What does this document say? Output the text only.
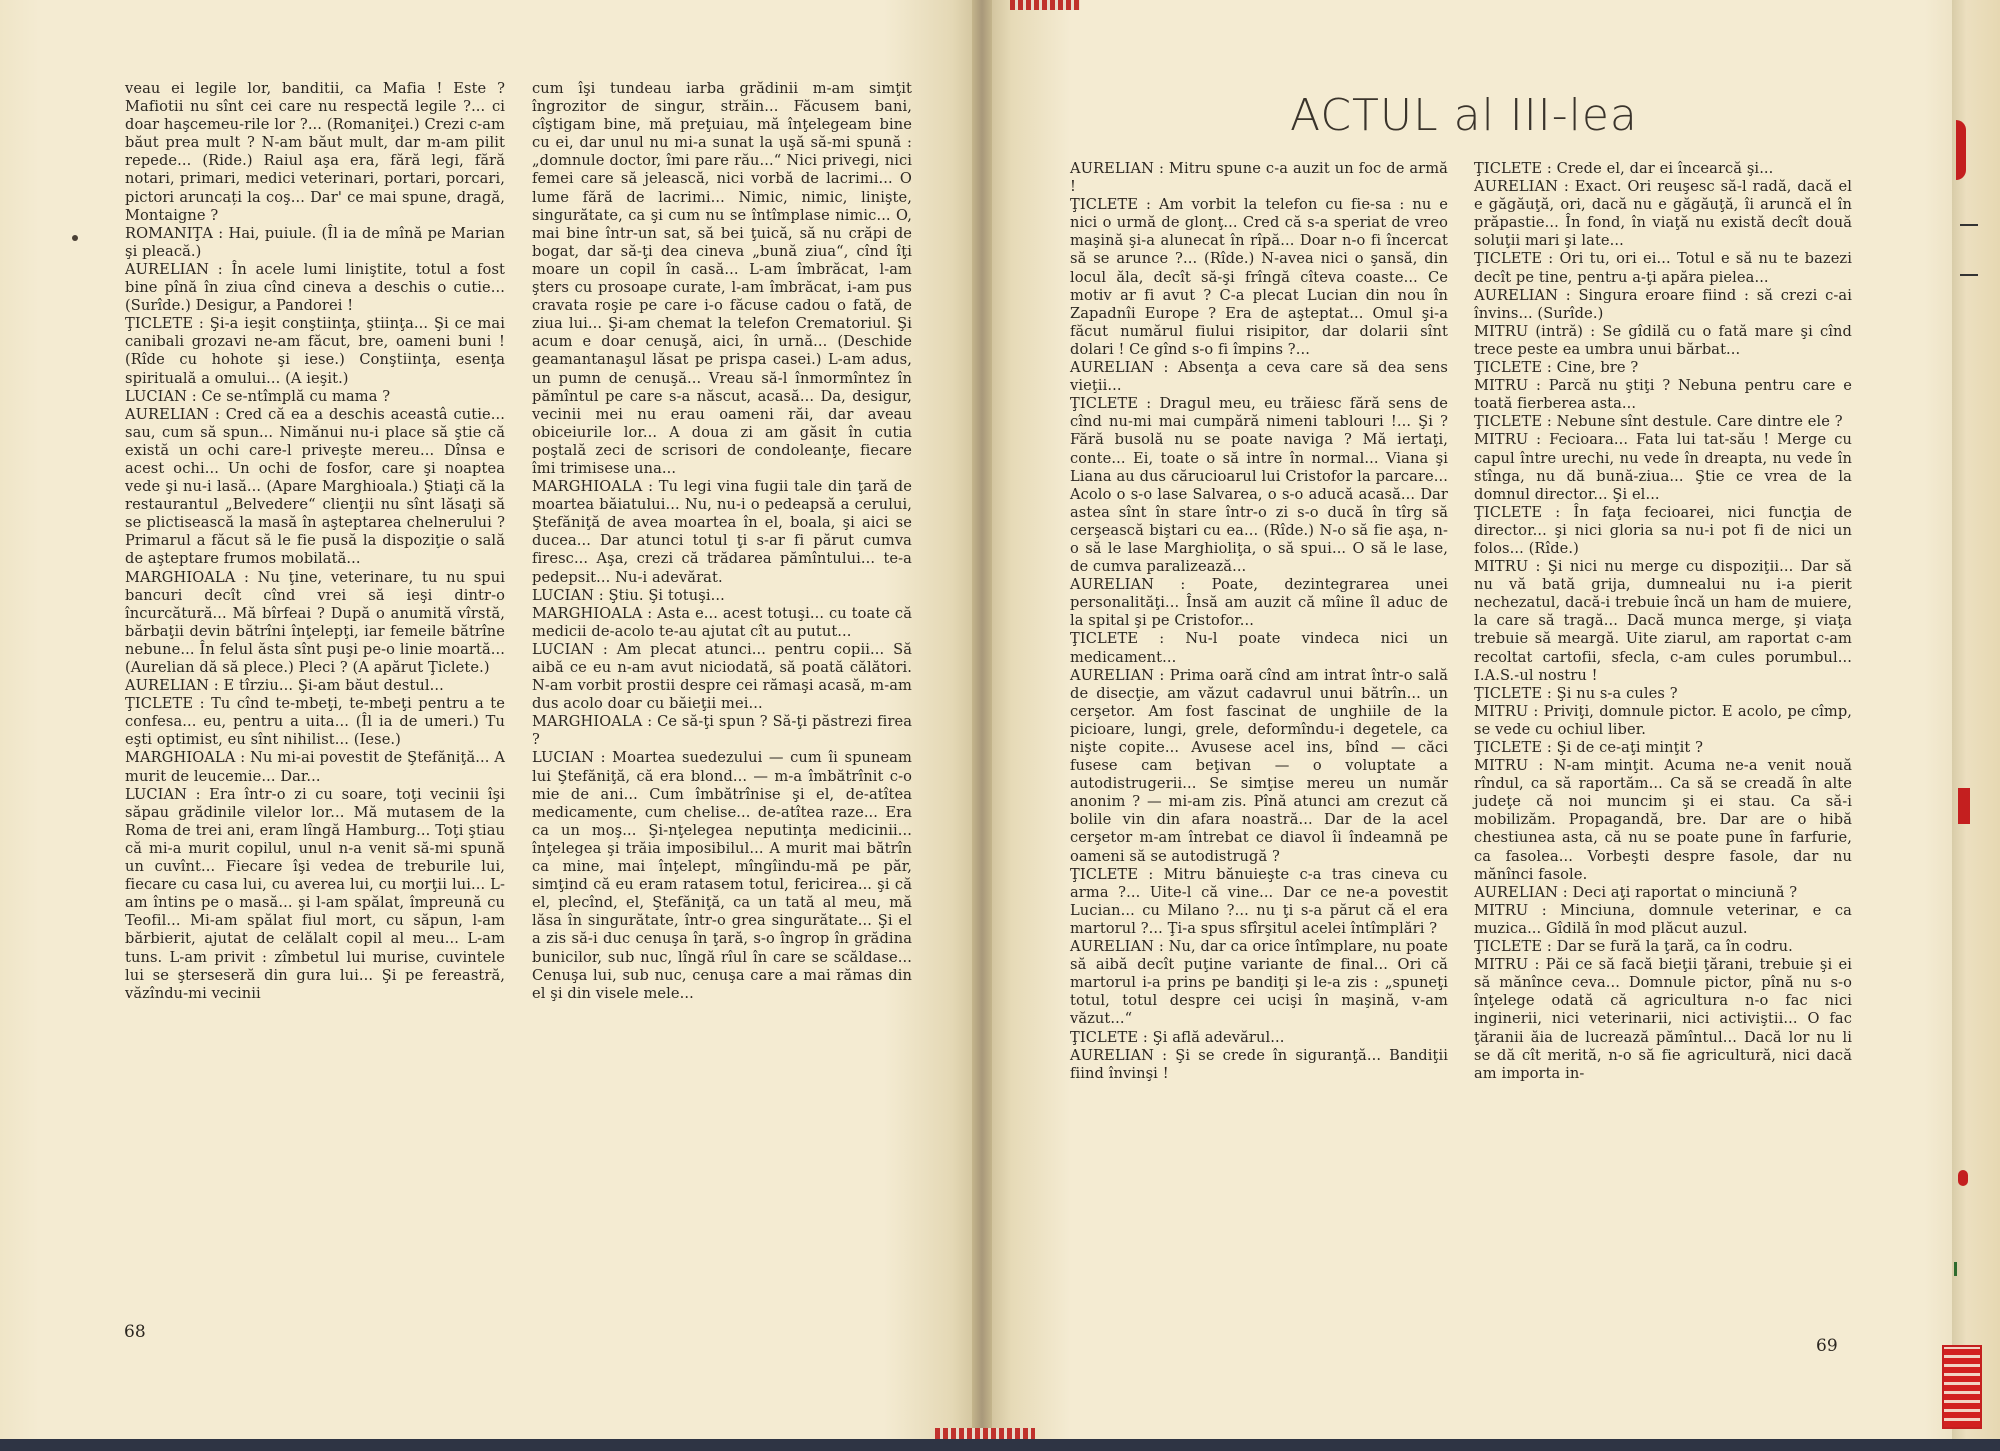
veau ei legile lor, banditii, ca Mafia ! Este ? Mafiotii nu sînt cei care nu respectă legile ?... ci doar haşcemeu-rile lor ?... (Romaniţei.) Crezi c-am băut prea mult ? N-am băut mult, dar m-am pilit repede... (Ride.) Raiul aşa era, fără legi, fără notari, primari, medici veterinari, portari, porcari, pictori aruncați la coş... Dar' ce mai spune, dragă, Montaigne ?

ROMANIŢA : Hai, puiule. (Îl ia de mînă pe Marian şi pleacă.)

AURELIAN : În acele lumi liniştite, totul a fost bine pînă în ziua cînd cineva a deschis o cutie... (Surîde.) Desigur, a Pandorei !

ŢICLETE : Şi-a ieşit conştiinţa, ştiinţa... Şi ce mai canibali grozavi ne-am făcut, bre, oameni buni ! (Rîde cu hohote şi iese.) Conştiinţa, esenţa spirituală a omului... (A ieşit.)

LUCIAN : Ce se-ntîmplă cu mama ?

AURELIAN : Cred că ea a deschis aceastâ cutie... sau, cum să spun... Nimănui nu-i place să ştie că există un ochi care-l priveşte mereu... Dînsa e acest ochi... Un ochi de fosfor, care şi noaptea vede şi nu-i lasă... (Apare Marghioala.) Ştiaţi că la restaurantul „Belvedere“ clienţii nu sînt lăsaţi să se plictisească la masă în aşteptarea chelnerului ? Primarul a făcut să le fie pusă la dispoziţie o sală de aşteptare frumos mobilată...

MARGHIOALA : Nu ţine, veterinare, tu nu spui bancuri decît cînd vrei să ieşi dintr-o încurcătură... Mă bîrfeai ? După o anumită vîrstă, bărbaţii devin bătrîni înţelepţi, iar femeile bătrîne nebune... În felul ăsta sînt puşi pe-o linie moartă... (Aurelian dă să plece.) Pleci ? (A apărut Ţiclete.)

AURELIAN : E tîrziu... Şi-am băut destul...

ŢICLETE : Tu cînd te-mbeţi, te-mbeţi pentru a te confesa... eu, pentru a uita... (Îl ia de umeri.) Tu eşti optimist, eu sînt nihilist... (Iese.)

MARGHIOALA : Nu mi-ai povestit de Ştefăniţă... A murit de leucemie... Dar...

LUCIAN : Era într-o zi cu soare, toţi vecinii îşi săpau grădinile vilelor lor... Mă mutasem de la Roma de trei ani, eram lîngă Hamburg... Toţi ştiau că mi-a murit copilul, unul n-a venit să-mi spună un cuvînt... Fiecare îşi vedea de treburile lui, fiecare cu casa lui, cu averea lui, cu morţii lui... L-am întins pe o masă... şi l-am spălat, împreună cu Teofil... Mi-am spălat fiul mort, cu săpun, l-am bărbierit, ajutat de celălalt copil al meu... L-am tuns. L-am privit : zîmbetul lui murise, cuvintele lui se şterseseră din gura lui... Şi pe fereastră, văzîndu-mi vecinii

cum îşi tundeau iarba grădinii m-am simţit îngrozitor de singur, străin... Făcusem bani, cîştigam bine, mă preţuiau, mă înţelegeam bine cu ei, dar unul nu mi-a sunat la uşă să-mi spună : „domnule doctor, îmi pare rău...“ Nici privegi, nici femei care să jelească, nici vorbă de lacrimi... O lume fără de lacrimi... Nimic, nimic, linişte, singurătate, ca şi cum nu se întîmplase nimic... O, mai bine într-un sat, să bei ţuică, să nu crăpi de bogat, dar să-ţi dea cineva „bună ziua“, cînd îţi moare un copil în casă... L-am îmbrăcat, l-am şters cu prosoape curate, l-am îmbrăcat, i-am pus cravata roşie pe care i-o făcuse cadou o fată, de ziua lui... Şi-am chemat la telefon Crematoriul. Şi acum e doar cenuşă, aici, în urnă... (Deschide geamantanaşul lăsat pe prispa casei.) L-am adus, un pumn de cenuşă... Vreau să-l înmormîntez în pămîntul pe care s-a născut, acasă... Da, desigur, vecinii mei nu erau oameni răi, dar aveau obiceiurile lor... A doua zi am găsit în cutia poştală zeci de scrisori de condoleanţe, fiecare îmi trimisese una...

MARGHIOALA : Tu legi vina fugii tale din ţară de moartea băiatului... Nu, nu-i o pedeapsă a cerului, Ştefăniţă de avea moartea în el, boala, şi aici se ducea... Dar atunci totul ţi s-ar fi părut cumva firesc... Aşa, crezi că trădarea pămîntului... te-a pedepsit... Nu-i adevărat.

LUCIAN : Ştiu. Şi totuşi...

MARGHIOALA : Asta e... acest totuşi... cu toate că medicii de-acolo te-au ajutat cît au putut...

LUCIAN : Am plecat atunci... pentru copii... Să aibă ce eu n-am avut niciodată, să poată călători. N-am vorbit prostii despre cei rămaşi acasă, m-am dus acolo doar cu băieţii mei...

MARGHIOALA : Ce să-ţi spun ? Să-ţi păstrezi firea ?

LUCIAN : Moartea suedezului — cum îi spuneam lui Ştefăniţă, că era blond... — m-a îmbătrînit c-o mie de ani... Cum îmbătrînise şi el, de-atîtea medicamente, cum chelise... de-atîtea raze... Era ca un moş... Şi-nţelegea neputinţa medicinii... înţelegea şi trăia imposibilul... A murit mai bătrîn ca mine, mai înţelept, mîngîindu-mă pe păr, simţind că eu eram ratasem totul, fericirea... şi că el, plecînd, el, Ştefăniţă, ca un tată al meu, mă lăsa în singurătate, într-o grea singurătate... Şi el a zis să-i duc cenuşa în ţară, s-o îngrop în grădina bunicilor, sub nuc, lîngă rîul în care se scăldase... Cenuşa lui, sub nuc, cenuşa care a mai rămas din el şi din visele mele...

68
ACTUL al III-lea

AURELIAN : Mitru spune c-a auzit un foc de armă !

ŢICLETE : Am vorbit la telefon cu fie-sa : nu e nici o urmă de glonţ... Cred că s-a speriat de vreo maşină şi-a alunecat în rîpă... Doar n-o fi încercat să se arunce ?... (Rîde.) N-avea nici o şansă, din locul ăla, decît să-şi frîngă cîteva coaste... Ce motiv ar fi avut ? C-a plecat Lucian din nou în Zapadnîi Europe ? Era de aşteptat... Omul şi-a făcut numărul fiului risipitor, dar dolarii sînt dolari ! Ce gînd s-o fi împins ?...

AURELIAN : Absenţa a ceva care să dea sens vieţii...

ŢICLETE : Dragul meu, eu trăiesc fără sens de cînd nu-mi mai cumpără nimeni tablouri !... Şi ? Fără busolă nu se poate naviga ? Mă iertaţi, conte... Ei, toate o să intre în normal... Viana şi Liana au dus cărucioarul lui Cristofor la parcare... Acolo o s-o lase Salvarea, o s-o aducă acasă... Dar astea sînt în stare într-o zi s-o ducă în tîrg să cerşească biştari cu ea... (Rîde.) N-o să fie aşa, n-o să le lase Marghioliţa, o să spui... O să le lase, de cumva paralizează...

AURELIAN : Poate, dezintegrarea unei personalităţi... Însă am auzit că mîine îl aduc de la spital şi pe Cristofor...

ŢICLETE : Nu-l poate vindeca nici un medicament...

AURELIAN : Prima oară cînd am intrat într-o sală de disecţie, am văzut cadavrul unui bătrîn... un cerşetor. Am fost fascinat de unghiile de la picioare, lungi, grele, deformîndu-i degetele, ca nişte copite... Avusese acel ins, bînd — căci fusese cam beţivan — o voluptate a autodistrugerii... Se simţise mereu un număr anonim ? — mi-am zis. Pînă atunci am crezut că bolile vin din afara noastră... Dar de la acel cerşetor m-am întrebat ce diavol îi îndeamnă pe oameni să se autodistrugă ?

ŢICLETE : Mitru bănuieşte c-a tras cineva cu arma ?... Uite-l că vine... Dar ce ne-a povestit Lucian... cu Milano ?... nu ţi s-a părut că el era martorul ?... Ţi-a spus sfîrşitul acelei întîmplări ?

AURELIAN : Nu, dar ca orice întîmplare, nu poate să aibă decît puţine variante de final... Ori că martorul i-a prins pe bandiţi şi le-a zis : „spuneţi totul, totul despre cei ucişi în maşină, v-am văzut...“

ŢICLETE : Şi află adevărul...

AURELIAN : Şi se crede în siguranţă... Bandiţii fiind învinşi !

ŢICLETE : Crede el, dar ei încearcă şi...

AURELIAN : Exact. Ori reuşesc să-l radă, dacă el e găgăuţă, ori, dacă nu e găgăuţă, îi aruncă el în prăpastie... În fond, în viaţă nu există decît două soluţii mari şi late...

ŢICLETE : Ori tu, ori ei... Totul e să nu te bazezi decît pe tine, pentru a-ţi apăra pielea...

AURELIAN : Singura eroare fiind : să crezi c-ai învins... (Surîde.)

MITRU (intră) : Se gîdilă cu o fată mare şi cînd trece peste ea umbra unui bărbat...

ŢICLETE : Cine, bre ?

MITRU : Parcă nu ştiţi ? Nebuna pentru care e toată fierberea asta...

ŢICLETE : Nebune sînt destule. Care dintre ele ?

MITRU : Fecioara... Fata lui tat-său ! Merge cu capul între urechi, nu vede în dreapta, nu vede în stînga, nu dă bună-ziua... Ştie ce vrea de la domnul director... Şi el...

ŢICLETE : În faţa fecioarei, nici funcţia de director... şi nici gloria sa nu-i pot fi de nici un folos... (Rîde.)

MITRU : Şi nici nu merge cu dispoziţii... Dar să nu vă bată grija, dumnealui nu i-a pierit nechezatul, dacă-i trebuie încă un ham de muiere, la care să tragă... Dacă munca merge, şi viaţa trebuie să meargă. Uite ziarul, am raportat c-am recoltat cartofii, sfecla, c-am cules porumbul... I.A.S.-ul nostru !

ŢICLETE : Şi nu s-a cules ?

MITRU : Priviţi, domnule pictor. E acolo, pe cîmp, se vede cu ochiul liber.

ŢICLETE : Şi de ce-aţi minţit ?

MITRU : N-am minţit. Acuma ne-a venit nouă rîndul, ca să raportăm... Ca să se creadă în alte judeţe că noi muncim şi ei stau. Ca să-i mobilizăm. Propagandă, bre. Dar are o hibă chestiunea asta, că nu se poate pune în farfurie, ca fasolea... Vorbeşti despre fasole, dar nu mănînci fasole.

AURELIAN : Deci aţi raportat o minciună ?

MITRU : Minciuna, domnule veterinar, e ca muzica... Gîdilă în mod plăcut auzul.

ŢICLETE : Dar se fură la ţară, ca în codru.

MITRU : Păi ce să facă bieţii ţărani, trebuie şi ei să mănînce ceva... Domnule pictor, pînă nu s-o înţelege odată că agricultura n-o fac nici inginerii, nici veterinarii, nici activiştii... O fac ţăranii ăia de lucrează pămîntul... Dacă lor nu li se dă cît merită, n-o să fie agricultură, nici dacă am importa in-

69
